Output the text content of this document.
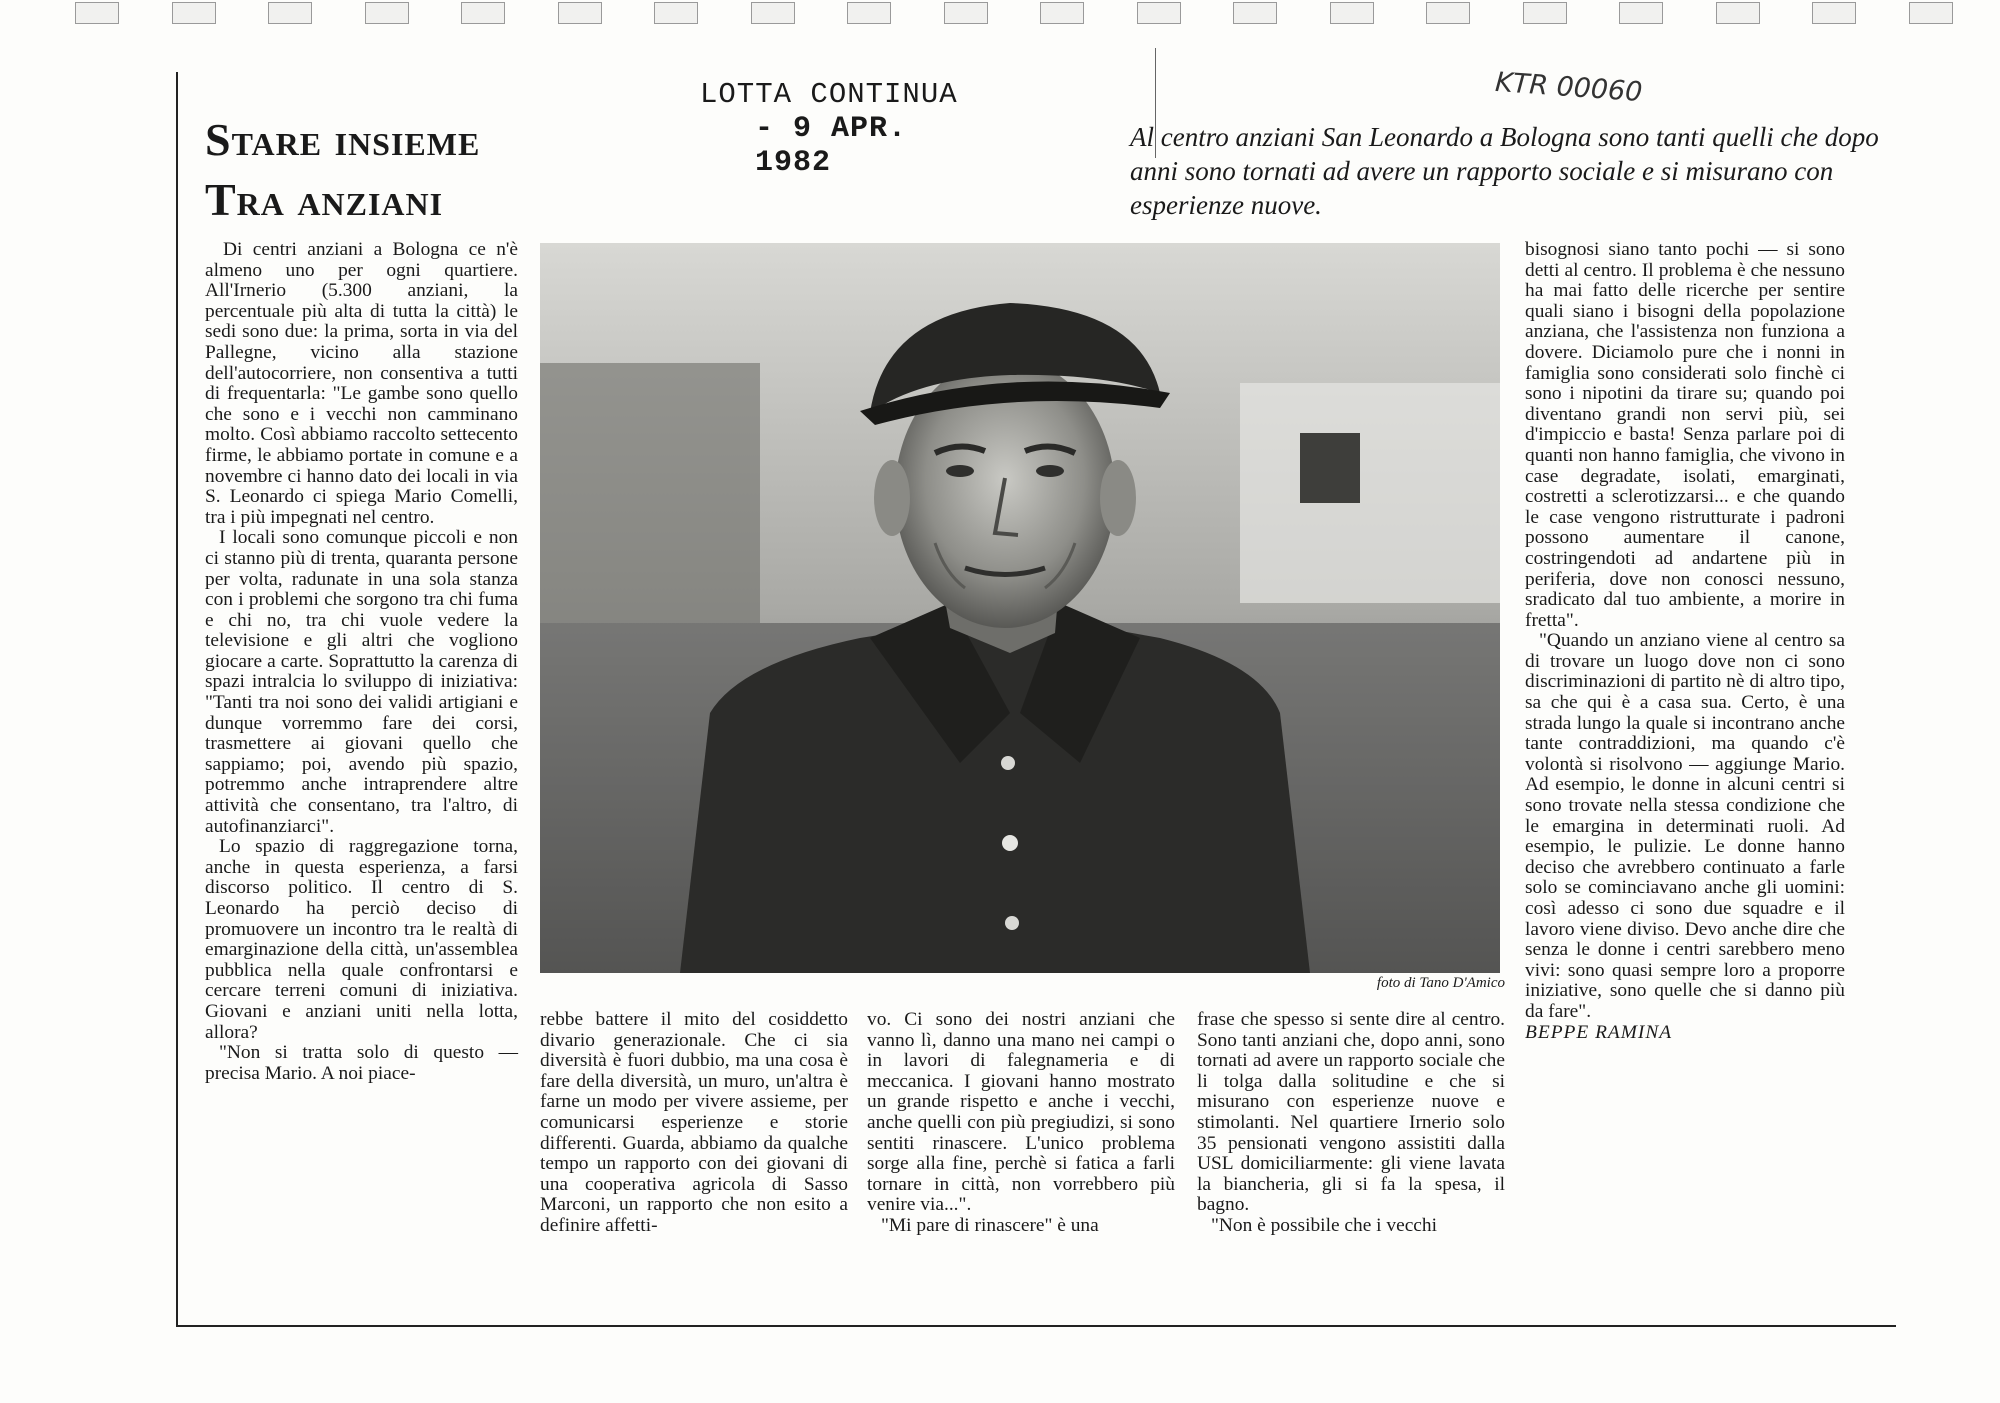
Stare insieme
Tra anziani
LOTTA CONTINUA
- 9 APR. 1982
KTR 00060

Al centro anziani San Leonardo a Bologna sono tanti quelli che dopo anni sono tornati ad avere un rapporto sociale e si misurano con esperienze nuove.

foto di Tano D'Amico

Di centri anziani a Bologna ce n'è almeno uno per ogni quartiere. All'Irnerio (5.300 anziani, la percentuale più alta di tutta la città) le sedi sono due: la prima, sorta in via del Pallegne, vicino alla stazione dell'autocorriere, non consentiva a tutti di frequentarla: "Le gambe sono quello che sono e i vecchi non camminano molto. Così abbiamo raccolto settecento firme, le abbiamo portate in comune e a novembre ci hanno dato dei locali in via S. Leonardo ci spiega Mario Comelli, tra i più impegnati nel centro.

I locali sono comunque piccoli e non ci stanno più di trenta, quaranta persone per volta, radunate in una sola stanza con i problemi che sorgono tra chi fuma e chi no, tra chi vuole vedere la televisione e gli altri che vogliono giocare a carte. Soprattutto la carenza di spazi intralcia lo sviluppo di iniziativa: "Tanti tra noi sono dei validi artigiani e dunque vorremmo fare dei corsi, trasmettere ai giovani quello che sappiamo; poi, avendo più spazio, potremmo anche intraprendere altre attività che consentano, tra l'altro, di autofinanziarci".

Lo spazio di raggregazione torna, anche in questa esperienza, a farsi discorso politico. Il centro di S. Leonardo ha perciò deciso di promuovere un incontro tra le realtà di emarginazione della città, un'assemblea pubblica nella quale confrontarsi e cercare terreni comuni di iniziativa. Giovani e anziani uniti nella lotta, allora?

"Non si tratta solo di questo — precisa Mario. A noi piace-

rebbe battere il mito del cosiddetto divario generazionale. Che ci sia diversità è fuori dubbio, ma una cosa è fare della diversità, un muro, un'altra è farne un modo per vivere assieme, per comunicarsi esperienze e storie differenti. Guarda, abbiamo da qualche tempo un rapporto con dei giovani di una cooperativa agricola di Sasso Marconi, un rapporto che non esito a definire affetti-

vo. Ci sono dei nostri anziani che vanno lì, danno una mano nei campi o in lavori di falegnameria e di meccanica. I giovani hanno mostrato un grande rispetto e anche i vecchi, anche quelli con più pregiudizi, si sono sentiti rinascere. L'unico problema sorge alla fine, perchè si fatica a farli tornare in città, non vorrebbero più venire via...".

"Mi pare di rinascere" è una

frase che spesso si sente dire al centro. Sono tanti anziani che, dopo anni, sono tornati ad avere un rapporto sociale che li tolga dalla solitudine e che si misurano con esperienze nuove e stimolanti. Nel quartiere Irnerio solo 35 pensionati vengono assistiti dalla USL domiciliarmente: gli viene lavata la biancheria, gli si fa la spesa, il bagno.

"Non è possibile che i vecchi

bisognosi siano tanto pochi — si sono detti al centro. Il problema è che nessuno ha mai fatto delle ricerche per sentire quali siano i bisogni della popolazione anziana, che l'assistenza non funziona a dovere. Diciamolo pure che i nonni in famiglia sono considerati solo finchè ci sono i nipotini da tirare su; quando poi diventano grandi non servi più, sei d'impiccio e basta! Senza parlare poi di quanti non hanno famiglia, che vivono in case degradate, isolati, emarginati, costretti a sclerotizzarsi... e che quando le case vengono ristrutturate i padroni possono aumentare il canone, costringendoti ad andartene più in periferia, dove non conosci nessuno, sradicato dal tuo ambiente, a morire in fretta".

"Quando un anziano viene al centro sa di trovare un luogo dove non ci sono discriminazioni di partito nè di altro tipo, sa che qui è a casa sua. Certo, è una strada lungo la quale si incontrano anche tante contraddizioni, ma quando c'è volontà si risolvono — aggiunge Mario. Ad esempio, le donne in alcuni centri si sono trovate nella stessa condizione che le emargina in determinati ruoli. Ad esempio, le pulizie. Le donne hanno deciso che avrebbero continuato a farle solo se cominciavano anche gli uomini: così adesso ci sono due squadre e il lavoro viene diviso. Devo anche dire che senza le donne i centri sarebbero meno vivi: sono quasi sempre loro a proporre iniziative, sono quelle che si danno più da fare".

BEPPE RAMINA
